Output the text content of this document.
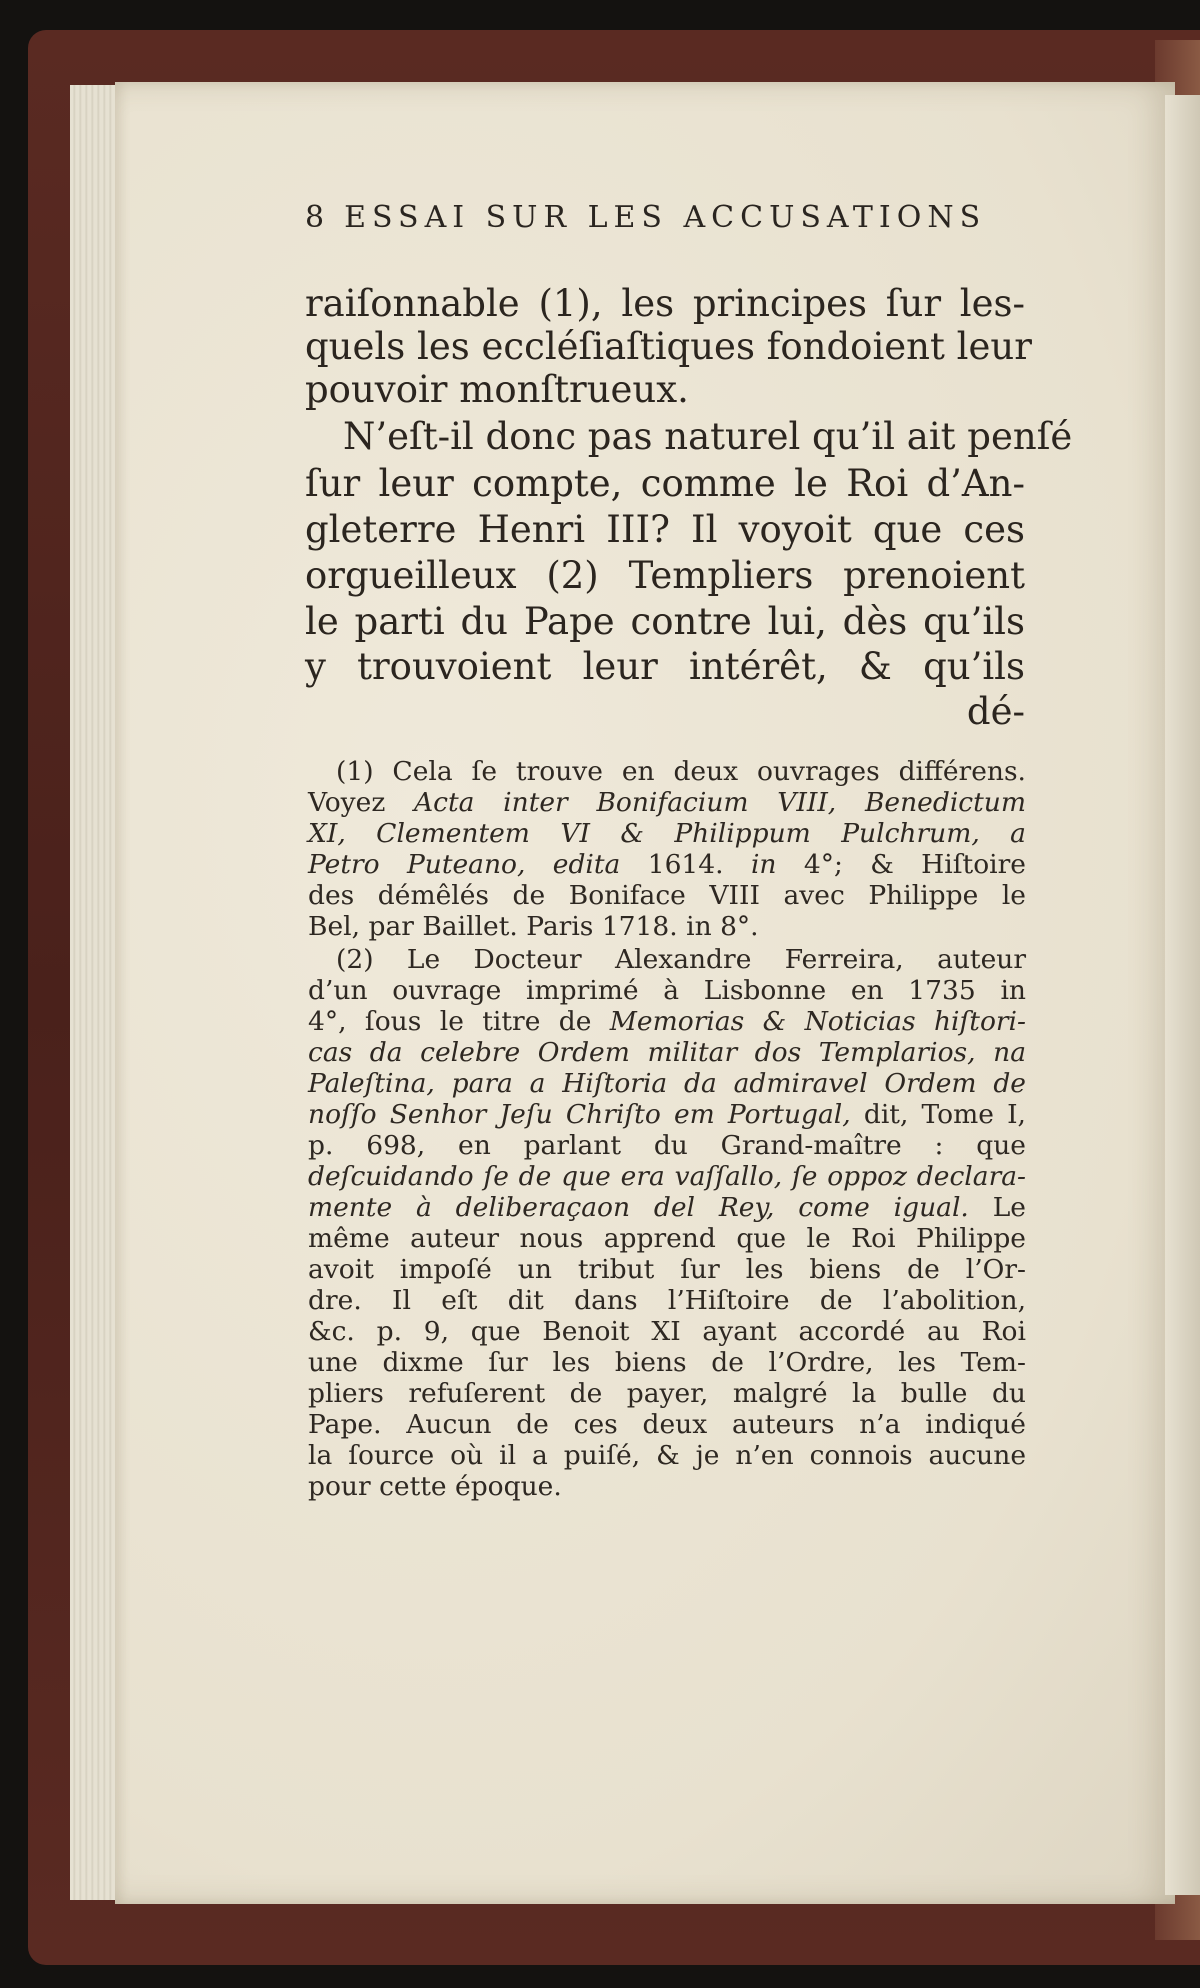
8 ESSAI SUR LES ACCUSATIONS
raiſonnable (1), les principes ſur les-
quels les eccléſiaſtiques fondoient leur
pouvoir monſtrueux.
N’eſt-il donc pas naturel qu’il ait penſé
ſur leur compte, comme le Roi d’An-
gleterre Henri III? Il voyoit que ces
orgueilleux (2) Templiers prenoient
le parti du Pape contre lui, dès qu’ils
y trouvoient leur intérêt, & qu’ils
dé-
(1) Cela ſe trouve en deux ouvrages différens.
Voyez Acta inter Bonifacium VIII, Benedictum
XI, Clementem VI & Philippum Pulchrum, a
Petro Puteano, edita 1614. in 4°; & Hiſtoire
des démêlés de Boniface VIII avec Philippe le
Bel, par Baillet. Paris 1718. in 8°.
(2) Le Docteur Alexandre Ferreira, auteur
d’un ouvrage imprimé à Lisbonne en 1735 in
4°, ſous le titre de Memorias & Noticias hiſtori-
cas da celebre Ordem militar dos Templarios, na
Paleſtina, para a Hiſtoria da admiravel Ordem de
noſſo Senhor Jeſu Chriſto em Portugal, dit, Tome I,
p. 698, en parlant du Grand-maître : que
deſcuidando ſe de que era vaſſallo, ſe oppoz declara-
mente à deliberaçaon del Rey, come igual. Le
même auteur nous apprend que le Roi Philippe
avoit impoſé un tribut ſur les biens de l’Or-
dre. Il eſt dit dans l’Hiſtoire de l’abolition,
&c. p. 9, que Benoit XI ayant accordé au Roi
une dixme ſur les biens de l’Ordre, les Tem-
pliers refuſerent de payer, malgré la bulle du
Pape. Aucun de ces deux auteurs n’a indiqué
la ſource où il a puiſé, & je n’en connois aucune
pour cette époque.
